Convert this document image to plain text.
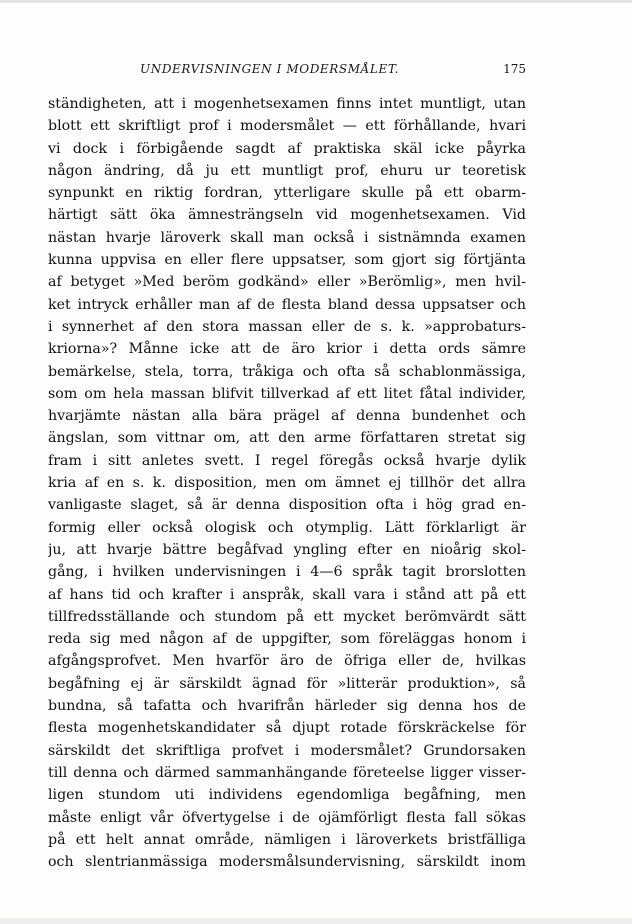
UNDERVISNINGEN I MODERSMÅLET.	175
ständigheten, att i mogenhetsexamen finns intet muntligt, utan
blott ett skriftligt prof i modersmålet — ett förhållande, hvari
vi dock i förbigående sagdt af praktiska skäl icke påyrka
någon ändring, då ju ett muntligt prof, ehuru ur teoretisk
synpunkt en riktig fordran, ytterligare skulle på ett obarm-
härtigt sätt öka ämnesträngseln vid mogenhetsexamen. Vid
nästan hvarje läroverk skall man också i sistnämnda examen
kunna uppvisa en eller flere uppsatser, som gjort sig förtjänta
af betyget »Med beröm godkänd» eller »Berömlig», men hvil-
ket intryck erhåller man af de flesta bland dessa uppsatser och
i synnerhet af den stora massan eller de s. k. »approbaturs-
kriorna»? Månne icke att de äro krior i detta ords sämre
bemärkelse, stela, torra, tråkiga och ofta så schablonmässiga,
som om hela massan blifvit tillverkad af ett litet fåtal individer,
hvarjämte nästan alla bära prägel af denna bundenhet och
ängslan, som vittnar om, att den arme författaren stretat sig
fram i sitt anletes svett. I regel föregås också hvarje dylik
kria af en s. k. disposition, men om ämnet ej tillhör det allra
vanligaste slaget, så är denna disposition ofta i hög grad en-
formig eller också ologisk och otymplig. Lätt förklarligt är
ju, att hvarje bättre begåfvad yngling efter en nioårig skol-
gång, i hvilken undervisningen i 4—6 språk tagit brorslotten
af hans tid och krafter i anspråk, skall vara i stånd att på ett
tillfredsställande och stundom på ett mycket berömvärdt sätt
reda sig med någon af de uppgifter, som föreläggas honom i
afgångsprofvet. Men hvarför äro de öfriga eller de, hvilkas
begåfning ej är särskildt ägnad för »litterär produktion», så
bundna, så tafatta och hvarifrån härleder sig denna hos de
flesta mogenhetskandidater så djupt rotade förskräckelse för
särskildt det skriftliga profvet i modersmålet? Grundorsaken
till denna och därmed sammanhängande företeelse ligger visser-
ligen stundom uti individens egendomliga begåfning, men
måste enligt vår öfvertygelse i de ojämförligt flesta fall sökas
på ett helt annat område, nämligen i läroverkets bristfälliga
och slentrianmässiga modersmålsundervisning, särskildt inom
